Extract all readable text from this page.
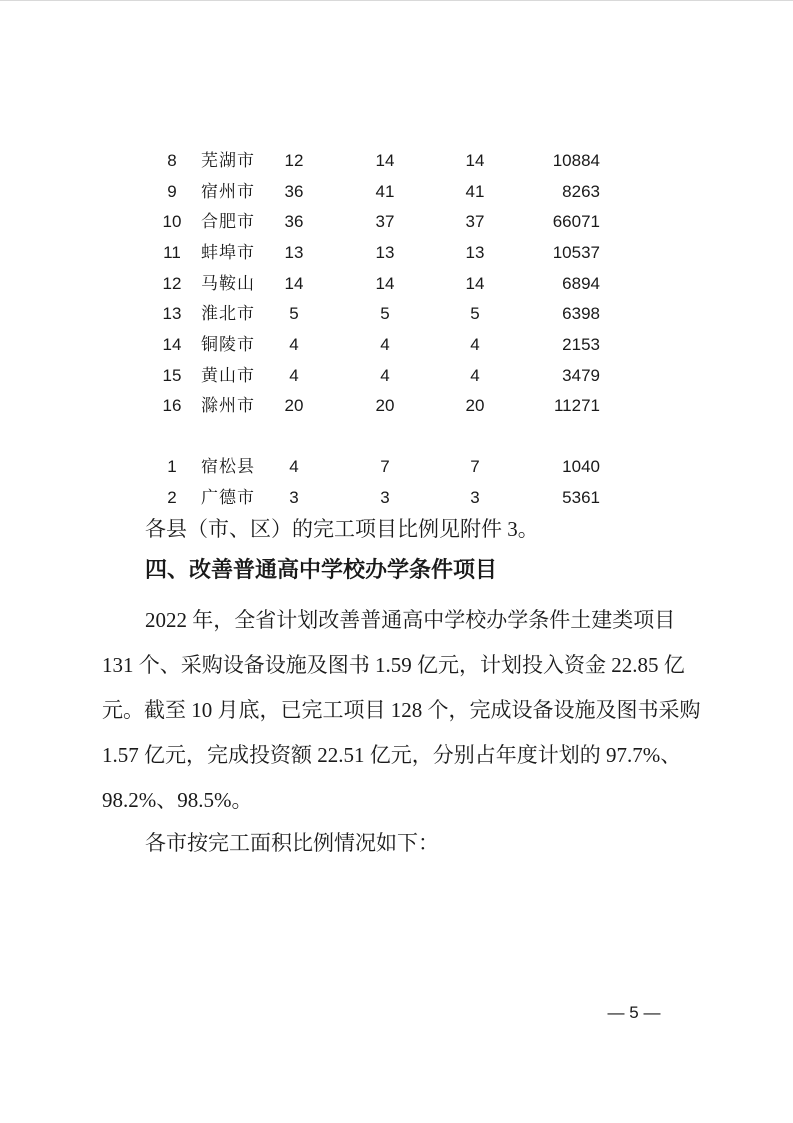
8	芜湖市	12	14	14	10884
9	宿州市	36	41	41	8263
10	合肥市	36	37	37	66071
11	蚌埠市	13	13	13	10537
12	马鞍山	14	14	14	6894
13	淮北市	5	5	5	6398
14	铜陵市	4	4	4	2153
15	黄山市	4	4	4	3479
16	滁州市	20	20	20	11271
1	宿松县	4	7	7	1040
2	广德市	3	3	3	5361
各县（市、区）的完工项目比例见附件 3。
四、改善普通高中学校办学条件项目
2022 年，全省计划改善普通高中学校办学条件土建类项目
131 个、采购设备设施及图书 1.59 亿元，计划投入资金 22.85 亿
元。截至 10 月底，已完工项目 128 个，完成设备设施及图书采购
1.57 亿元，完成投资额 22.51 亿元，分别占年度计划的 97.7%、
98.2%、98.5%。
各市按完工面积比例情况如下：
— 5 —
